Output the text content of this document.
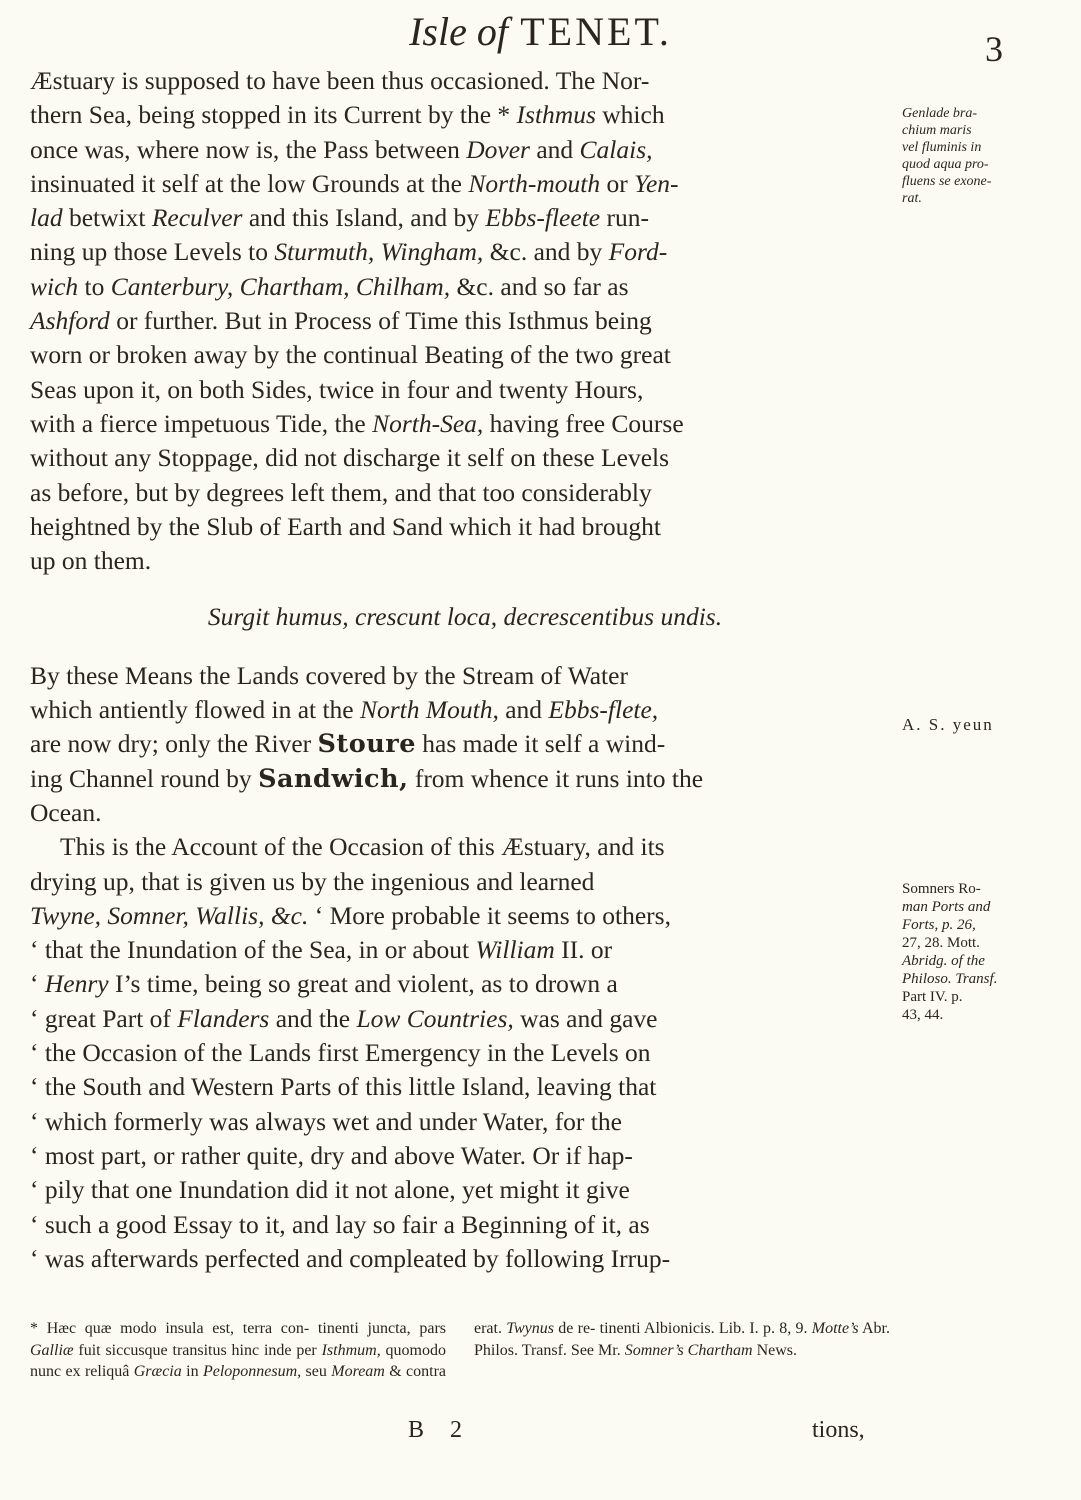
Isle of TENET.	3

Æstuary is supposed to have been thus occasioned. The Nor-
thern Sea, being stopped in its Current by the * Isthmus which
once was, where now is, the Pass between Dover and Calais,
insinuated it self at the low Grounds at the North-mouth or Yen-
lad betwixt Reculver and this Island, and by Ebbs-fleete run-
ning up those Levels to Sturmuth, Wingham, &c. and by Ford-
wich to Canterbury, Chartham, Chilham, &c. and so far as
Ashford or further. But in Process of Time this Isthmus being
worn or broken away by the continual Beating of the two great
Seas upon it, on both Sides, twice in four and twenty Hours,
with a fierce impetuous Tide, the North-Sea, having free Course
without any Stoppage, did not discharge it self on these Levels
as before, but by degrees left them, and that too considerably
heightned by the Slub of Earth and Sand which it had brought
up on them.

Surgit humus, crescunt loca, decrescentibus undis.

By these Means the Lands covered by the Stream of Water
which antiently flowed in at the North Mouth, and Ebbs-flete,
are now dry; only the River Stoure has made it self a wind-
ing Channel round by Sandwich, from whence it runs into the
Ocean.

This is the Account of the Occasion of this Æstuary, and its
drying up, that is given us by the ingenious and learned
Twyne, Somner, Wallis, &c. ‘ More probable it seems to others,
‘ that the Inundation of the Sea, in or about William II. or
‘ Henry I’s time, being so great and violent, as to drown a
‘ great Part of Flanders and the Low Countries, was and gave
‘ the Occasion of the Lands first Emergency in the Levels on
‘ the South and Western Parts of this little Island, leaving that
‘ which formerly was always wet and under Water, for the
‘ most part, or rather quite, dry and above Water. Or if hap-
‘ pily that one Inundation did it not alone, yet might it give
‘ such a good Essay to it, and lay so fair a Beginning of it, as
‘ was afterwards perfected and compleated by following Irrup-

Genlade bra-
chium maris
vel fluminis in
quod aqua pro-
fluens se exone-
rat.
A. S. yeun
Somners Ro-
man Ports and
Forts, p. 26,
27, 28. Mott.
Abridg. of the
Philoso. Transf.
Part IV. p.
43, 44.
* Hæc quæ modo insula est, terra con- tinenti juncta, pars Galliæ fuit siccusque transitus hinc inde per Isthmum, quomodo nunc ex reliquâ Græcia in Peloponnesum, seu Moream & contra erat. Twynus de re- tinenti Albionicis. Lib. I. p. 8, 9. Motte’s Abr. Philos. Transf. See Mr. Somner’s Chartham News.
B 2	tions,
